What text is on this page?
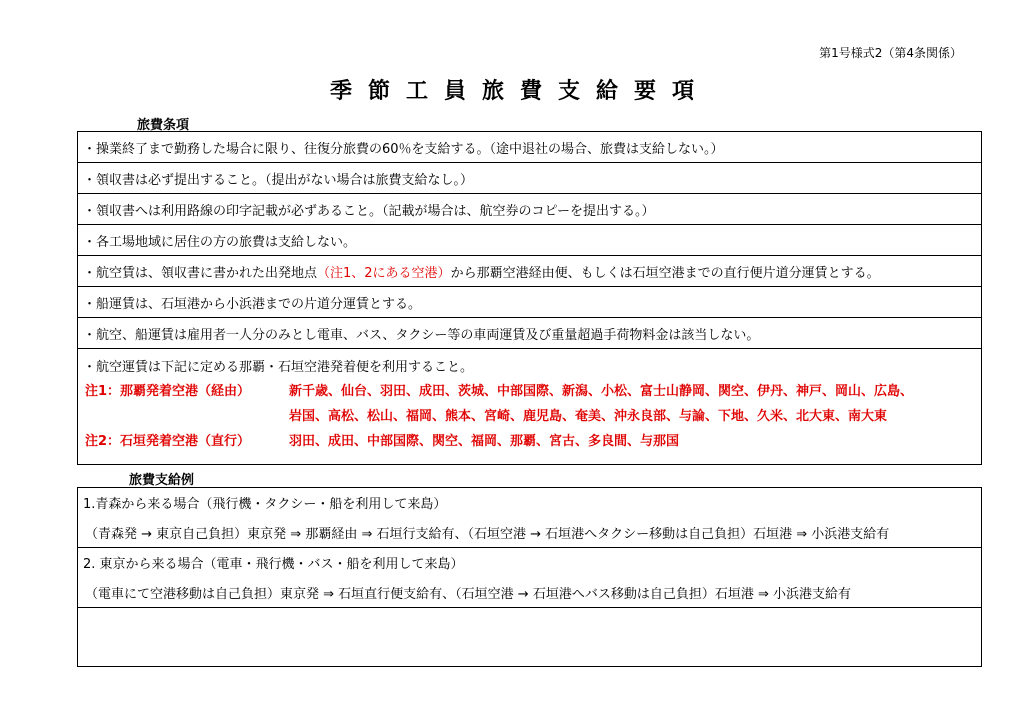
第1号様式2（第4条関係）
季節工員旅費支給要項
旅費条項
・操業終了まで勤務した場合に限り、往復分旅費の60％を支給する。（途中退社の場合、旅費は支給しない。）
・領収書は必ず提出すること。（提出がない場合は旅費支給なし。）
・領収書へは利用路線の印字記載が必ずあること。（記載が場合は、航空券のコピーを提出する。）
・各工場地域に居住の方の旅費は支給しない。
・航空賃は、領収書に書かれた出発地点 （注1、2にある空港） から那覇空港経由便、もしくは石垣空港までの直行便片道分運賃とする。
・船運賃は、石垣港から小浜港までの片道分運賃とする。
・航空、船運賃は雇用者一人分のみとし電車、バス、タクシー等の車両運賃及び重量超過手荷物料金は該当しない。
・航空運賃は下記に定める那覇・石垣空港発着便を利用すること。
注1：那覇発着空港（経由）	新千歳、仙台、羽田、成田、茨城、中部国際、新潟、小松、富士山静岡、関空、伊丹、神戸、岡山、広島、
岩国、高松、松山、福岡、熊本、宮崎、鹿児島、奄美、沖永良部、与論、下地、久米、北大東、南大東
注2：石垣発着空港（直行）	羽田、成田、中部国際、関空、福岡、那覇、宮古、多良間、与那国
旅費支給例
1.青森から来る場合（飛行機・タクシー・船を利用して来島）
（青森発 → 東京自己負担）東京発 ⇒ 那覇経由 ⇒ 石垣行支給有、（石垣空港 → 石垣港へタクシー移動は自己負担）石垣港 ⇒ 小浜港支給有
2. 東京から来る場合（電車・飛行機・バス・船を利用して来島）
（電車にて空港移動は自己負担）東京発 ⇒ 石垣直行便支給有、（石垣空港 → 石垣港へバス移動は自己負担）石垣港 ⇒ 小浜港支給有
